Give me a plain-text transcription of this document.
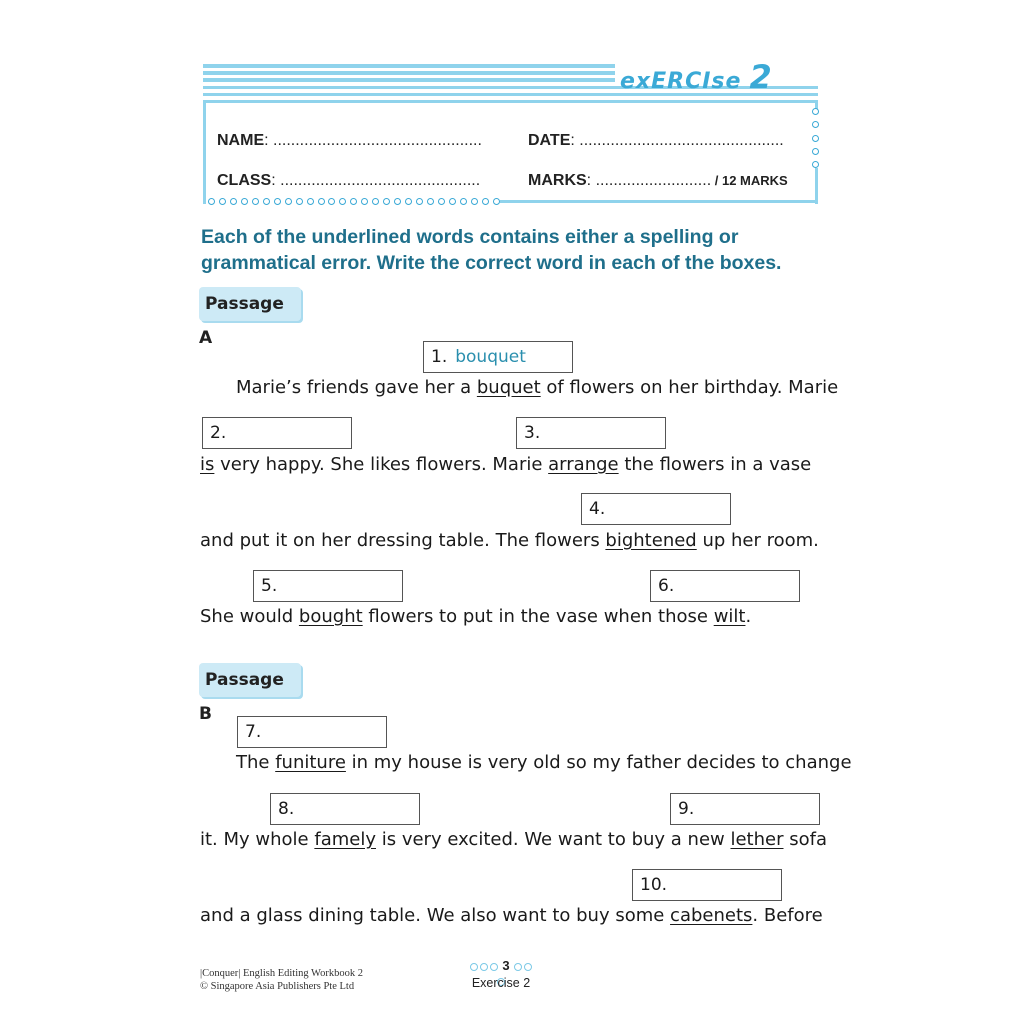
exERCIse 2
NAME: ...............................................	DATE: ..............................................
CLASS: .............................................	MARKS: .......................... / 12 MARKS
Each of the underlined words contains either a spelling or grammatical error. Write the correct word in each of the boxes.
Passage A
1. bouquet
Marie’s friends gave her a buquet of flowers on her birthday. Marie
2.	3.
is very happy. She likes flowers. Marie arrange the flowers in a vase
4.
and put it on her dressing table. The flowers bightened up her room.
5.	6.
She would bought flowers to put in the vase when those wilt.
Passage B
7.
The funiture in my house is very old so my father decides to change
8.	9.
it. My whole famely is very excited. We want to buy a new lether sofa
10.
and a glass dining table. We also want to buy some cabenets. Before
|Conquer| English Editing Workbook 2
© Singapore Asia Publishers Pte Ltd
3
Exercise 2
